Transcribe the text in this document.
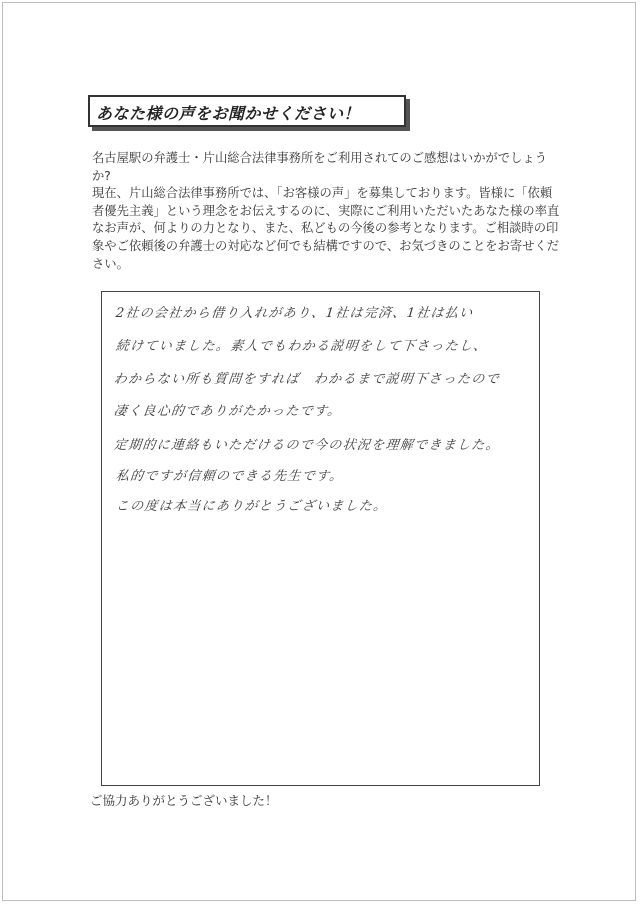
あなた様の声をお聞かせください！

名古屋駅の弁護士・片山総合法律事務所をご利用されてのご感想はいかがでしょうか?

現在、片山総合法律事務所では、「お客様の声」を募集しております。皆様に「依頼者優先主義」という理念をお伝えするのに、実際にご利用いただいたあなた様の率直なお声が、何よりの力となり、また、私どもの今後の参考となります。ご相談時の印象やご依頼後の弁護士の対応など何でも結構ですので、お気づきのことをお寄せください。

2社の会社から借り入れがあり、1社は完済、1社は払い
続けていました。素人でもわかる説明をして下さったし、
わからない所も質問をすれば　わかるまで説明下さったので
凄く良心的でありがたかったです。
定期的に連絡もいただけるので今の状況を理解できました。
私的ですが信頼のできる先生です。
この度は本当にありがとうございました。
ご協力ありがとうございました！
